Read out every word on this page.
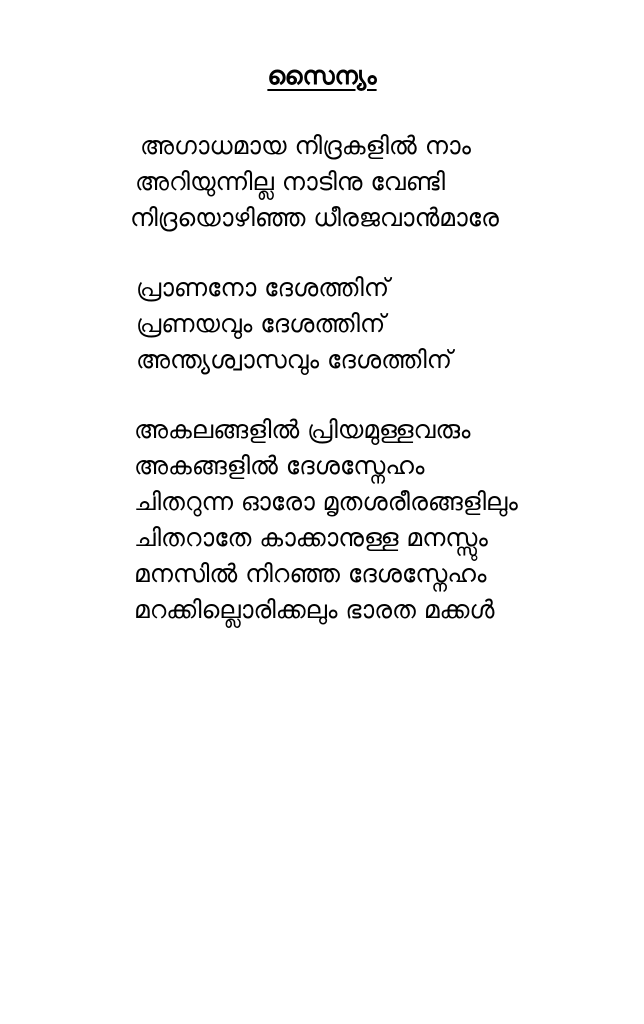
സൈന്യം
അഗാധമായ നിദ്രകളിൽ നാം
അറിയുന്നില്ല നാടിനു വേണ്ടി
നിദ്രയൊഴിഞ്ഞ ധീരജവാൻമാരേ
പ്രാണനോ ദേശത്തിന്
പ്രണയവും ദേശത്തിന്
അന്ത്യശ്വാസവും ദേശത്തിന്
അകലങ്ങളിൽ പ്രിയമുള്ളവരും
അകങ്ങളിൽ ദേശസ്നേഹം
ചിതറുന്ന ഓരോ മൃതശരീരങ്ങളിലും
ചിതറാതേ കാക്കാനുള്ള മനസ്സും
മനസിൽ നിറഞ്ഞ ദേശസ്നേഹം
മറക്കില്ലൊരിക്കലും ഭാരത മക്കൾ
